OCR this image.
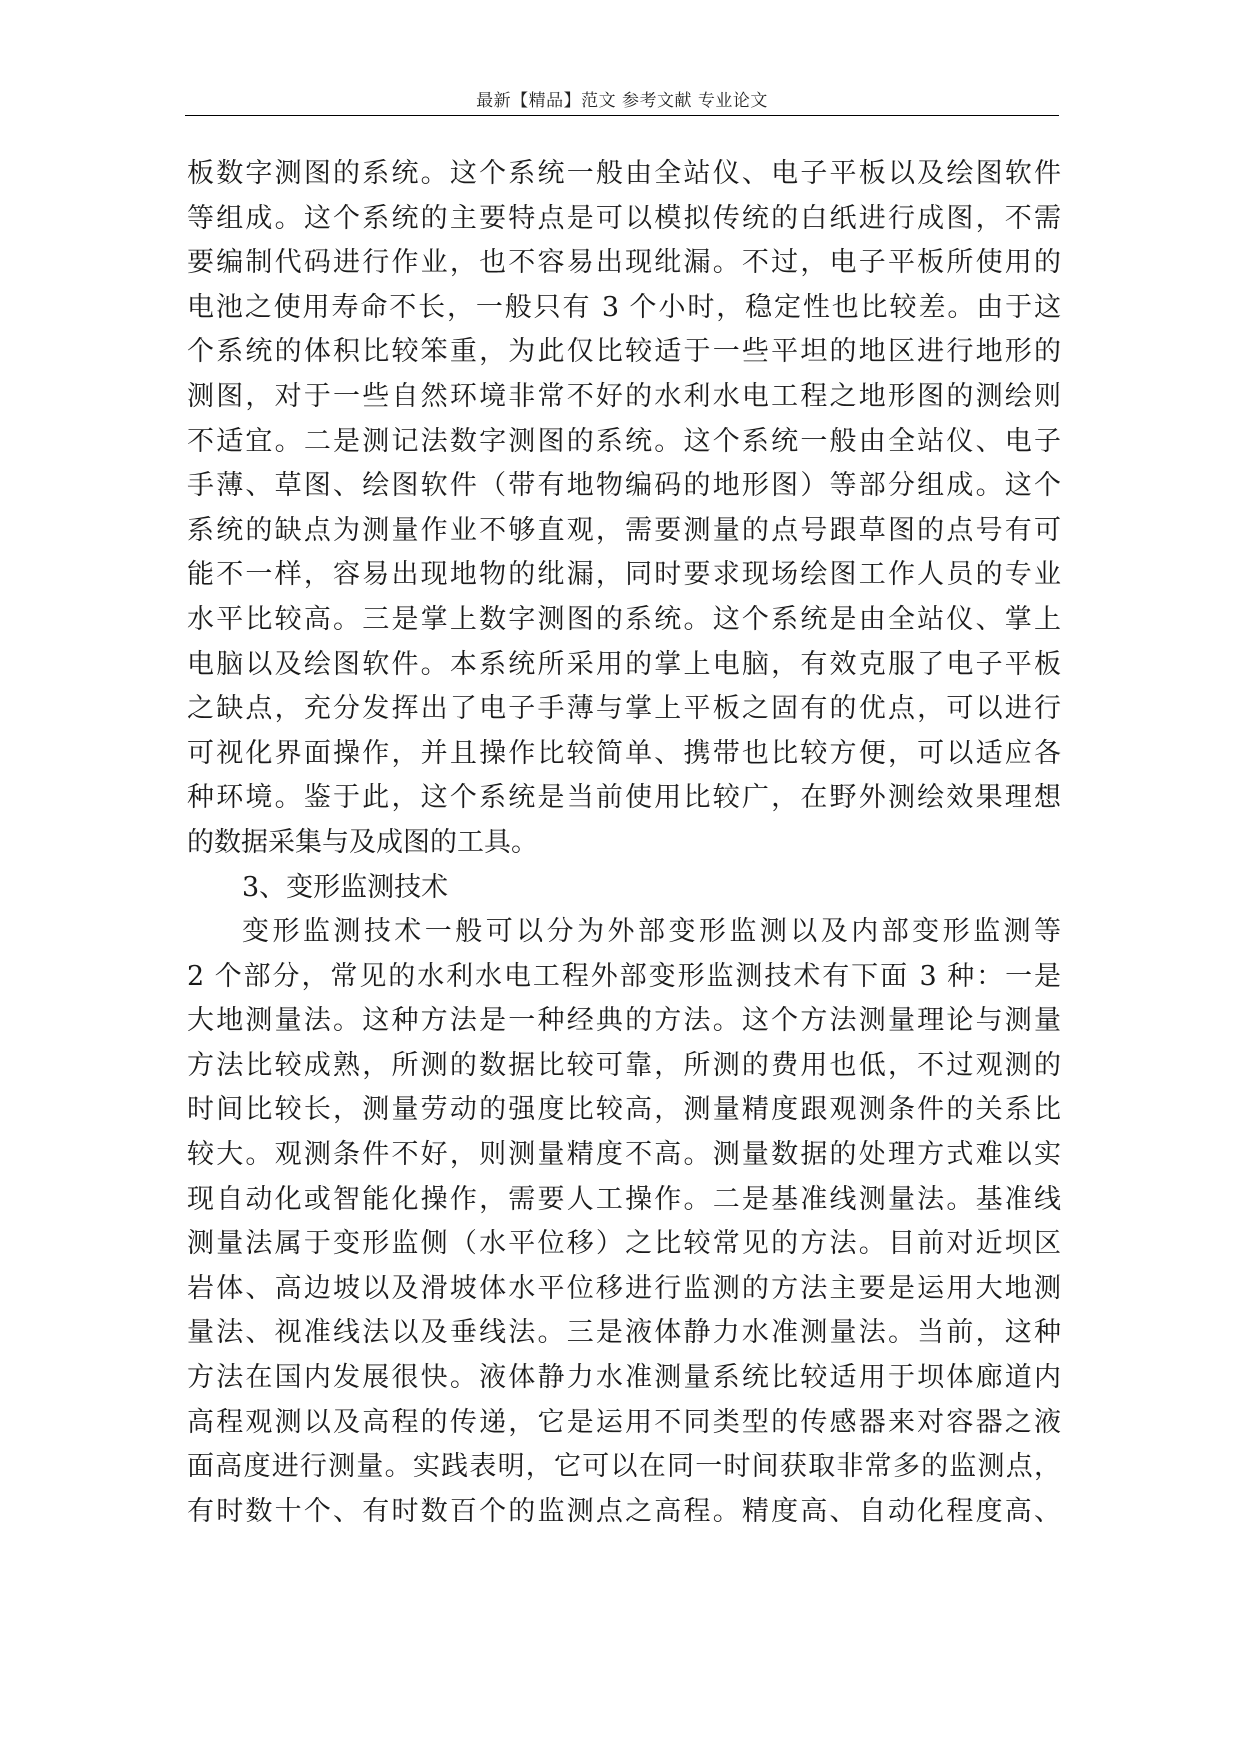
最新【精品】范文 参考文献 专业论文
板数字测图的系统。这个系统一般由全站仪、电子平板以及绘图软件
等组成。这个系统的主要特点是可以模拟传统的白纸进行成图，不需
要编制代码进行作业，也不容易出现纰漏。不过，电子平板所使用的
电池之使用寿命不长，一般只有 3 个小时，稳定性也比较差。由于这
个系统的体积比较笨重，为此仅比较适于一些平坦的地区进行地形的
测图，对于一些自然环境非常不好的水利水电工程之地形图的测绘则
不适宜。二是测记法数字测图的系统。这个系统一般由全站仪、电子
手薄、草图、绘图软件（带有地物编码的地形图）等部分组成。这个
系统的缺点为测量作业不够直观，需要测量的点号跟草图的点号有可
能不一样，容易出现地物的纰漏，同时要求现场绘图工作人员的专业
水平比较高。三是掌上数字测图的系统。这个系统是由全站仪、掌上
电脑以及绘图软件。本系统所采用的掌上电脑，有效克服了电子平板
之缺点，充分发挥出了电子手薄与掌上平板之固有的优点，可以进行
可视化界面操作，并且操作比较简单、携带也比较方便，可以适应各
种环境。鉴于此，这个系统是当前使用比较广，在野外测绘效果理想
的数据采集与及成图的工具。
3、变形监测技术
变形监测技术一般可以分为外部变形监测以及内部变形监测等
2 个部分，常见的水利水电工程外部变形监测技术有下面 3 种：一是
大地测量法。这种方法是一种经典的方法。这个方法测量理论与测量
方法比较成熟，所测的数据比较可靠，所测的费用也低，不过观测的
时间比较长，测量劳动的强度比较高，测量精度跟观测条件的关系比
较大。观测条件不好，则测量精度不高。测量数据的处理方式难以实
现自动化或智能化操作，需要人工操作。二是基准线测量法。基准线
测量法属于变形监侧（水平位移）之比较常见的方法。目前对近坝区
岩体、高边坡以及滑坡体水平位移进行监测的方法主要是运用大地测
量法、视准线法以及垂线法。三是液体静力水准测量法。当前，这种
方法在国内发展很快。液体静力水准测量系统比较适用于坝体廊道内
高程观测以及高程的传递，它是运用不同类型的传感器来对容器之液
面高度进行测量。实践表明，它可以在同一时间获取非常多的监测点，
有时数十个、有时数百个的监测点之高程。精度高、自动化程度高、
